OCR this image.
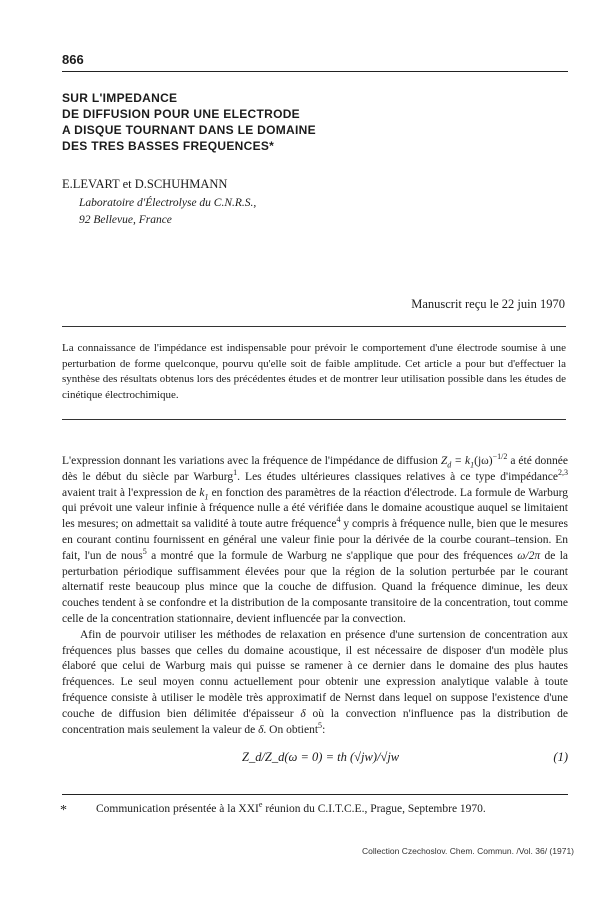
866
SUR L'IMPEDANCE
DE DIFFUSION POUR UNE ELECTRODE
A DISQUE TOURNANT DANS LE DOMAINE
DES TRES BASSES FREQUENCES*
E.LEVART et D.SCHUHMANN
Laboratoire d'Électrolyse du C.N.R.S.,
92 Bellevue, France
Manuscrit reçu le 22 juin 1970
La connaissance de l'impédance est indispensable pour prévoir le comportement d'une électrode soumise à une perturbation de forme quelconque, pourvu qu'elle soit de faible amplitude. Cet article a pour but d'effectuer la synthèse des résultats obtenus lors des précédentes études et de montrer leur utilisation possible dans les études de cinétique électrochimique.

L'expression donnant les variations avec la fréquence de l'impédance de diffusion $Z_d = k_1(j\omega)^{-1/2}$ a été donnée dès le début du siècle par Warburg$^1$. Les études ultérieures classiques relatives à ce type d'impédance$^{2,3}$ avaient trait à l'expression de $k_1$ en fonction des paramètres de la réaction d'électrode. La formule de Warburg qui prévoit une valeur infinie à fréquence nulle a été vérifiée dans le domaine acoustique auquel se limitaient les mesures; on admettait sa validité à toute autre fréquence$^4$ y compris à fréquence nulle, bien que le mesures en courant continu fournissent en général une valeur finie pour la dérivée de la courbe courant–tension. En fait, l'un de nous$^5$ a montré que la formule de Warburg ne s'applique que pour des fréquences ω/2π de la perturbation périodique suffisamment élevées pour que la région de la solution perturbée par le courant alternatif reste beaucoup plus mince que la couche de diffusion. Quand la fréquence diminue, les deux couches tendent à se confondre et la distribution de la composante transitoire de la concentration, tout comme celle de la concentration stationnaire, devient influencée par la convection.

Afin de pourvoir utiliser les méthodes de relaxation en présence d'une surtension de concentration aux fréquences plus basses que celles du domaine acoustique, il est nécessaire de disposer d'un modèle plus élaboré que celui de Warburg mais qui puisse se ramener à ce dernier dans le domaine des plus hautes fréquences. Le seul moyen connu actuellement pour obtenir une expression analytique valable à toute fréquence consiste à utiliser le modèle très approximatif de Nernst dans lequel on suppose l'existence d'une couche de diffusion bien délimitée d'épaisseur δ où la convection n'influence pas la distribution de concentration mais seulement la valeur de δ. On obtient$^5$:

Z_d/Z_d(ω = 0) = th (√jw)/√jw	(1)
*	Communication présentée à la XXIe réunion du C.I.T.C.E., Prague, Septembre 1970.
Collection Czechoslov. Chem. Commun. /Vol. 36/ (1971)
